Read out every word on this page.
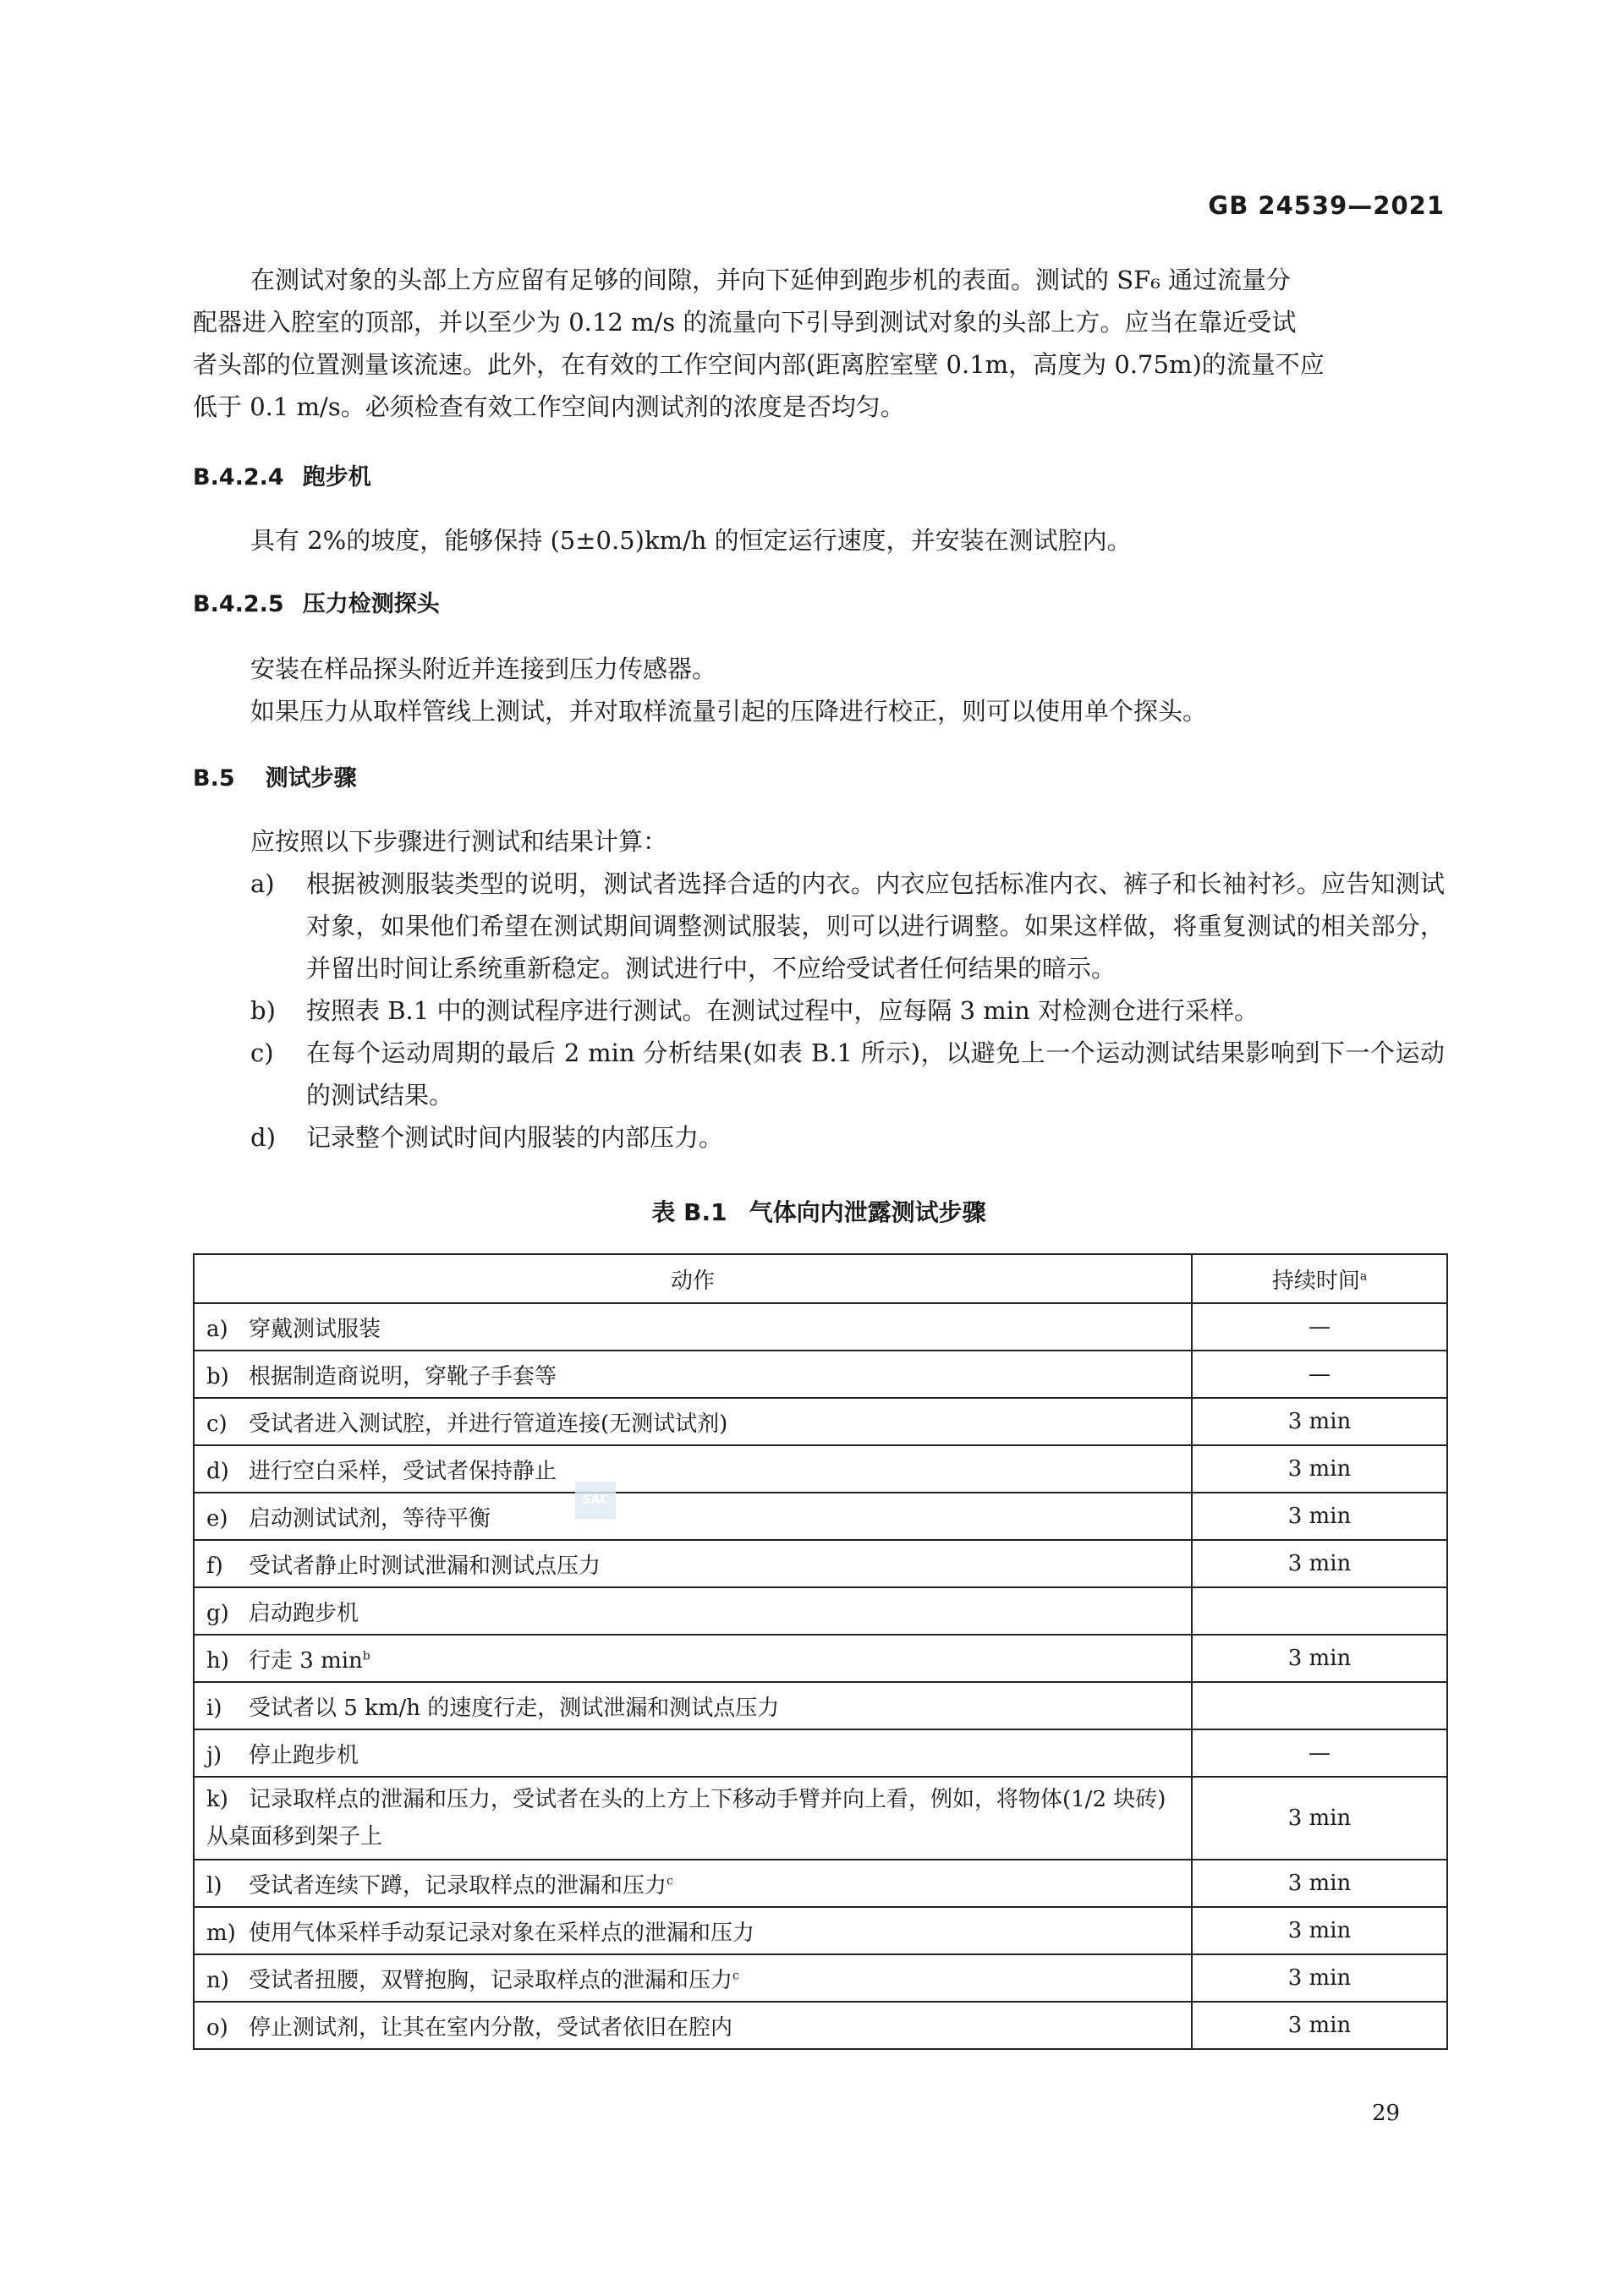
GB 24539—2021

在测试对象的头部上方应留有足够的间隙，并向下延伸到跑步机的表面。测试的 SF₆ 通过流量分

配器进入腔室的顶部，并以至少为 0.12 m/s 的流量向下引导到测试对象的头部上方。应当在靠近受试

者头部的位置测量该流速。此外，在有效的工作空间内部(距离腔室壁 0.1m，高度为 0.75m)的流量不应

低于 0.1 m/s。必须检查有效工作空间内测试剂的浓度是否均匀。

B.4.2.4 跑步机

具有 2%的坡度，能够保持 (5±0.5)km/h 的恒定运行速度，并安装在测试腔内。

B.4.2.5 压力检测探头

安装在样品探头附近并连接到压力传感器。

如果压力从取样管线上测试，并对取样流量引起的压降进行校正，则可以使用单个探头。

B.5 测试步骤

应按照以下步骤进行测试和结果计算：

a) 根据被测服装类型的说明，测试者选择合适的内衣。内衣应包括标准内衣、裤子和长袖衬衫。应告知测试对象，如果他们希望在测试期间调整测试服装，则可以进行调整。如果这样做，将重复测试的相关部分，并留出时间让系统重新稳定。测试进行中，不应给受试者任何结果的暗示。
b) 按照表 B.1 中的测试程序进行测试。在测试过程中，应每隔 3 min 对检测仓进行采样。
c) 在每个运动周期的最后 2 min 分析结果(如表 B.1 所示)，以避免上一个运动测试结果影响到下一个运动的测试结果。
d) 记录整个测试时间内服装的内部压力。
表 B.1 气体向内泄露测试步骤
动作	持续时间$^a$
a) 穿戴测试服装	—
b) 根据制造商说明，穿靴子手套等	—
c) 受试者进入测试腔，并进行管道连接(无测试试剂)	3 min
d) 进行空白采样，受试者保持静止	3 min
e) 启动测试试剂，等待平衡	3 min
f) 受试者静止时测试泄漏和测试点压力	3 min
g) 启动跑步机	
h) 行走 3 $\min^b$	3 min
i) 受试者以 5 km/h 的速度行走，测试泄漏和测试点压力	
j) 停止跑步机	—
k) 记录取样点的泄漏和压力，受试者在头的上方上下移动手臂并向上看，例如，将物体(1/2 块砖)从桌面移到架子上	3 min
l) 受试者连续下蹲，记录取样点的泄漏和压力$^c$	3 min
m) 使用气体采样手动泵记录对象在采样点的泄漏和压力	3 min
n) 受试者扭腰，双臂抱胸，记录取样点的泄漏和压力$^c$	3 min
o) 停止测试剂，让其在室内分散，受试者依旧在腔内	3 min
SAC
29
